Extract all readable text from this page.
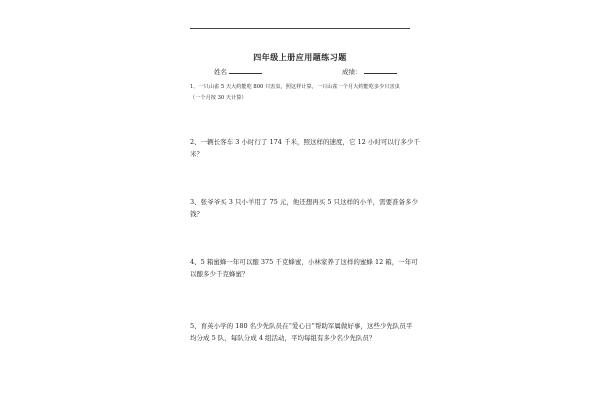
四年级上册应用题练习题
姓名	成绩：
1、一只山雀 5 天大约能吃 800 只害虫，照这样计算，一只山雀一个月大约能吃多少只害虫
（一个月按 30 天计算）
2、一辆长客车 3 小时行了 174 千米，照这样的速度，它 12 小时可以行多少千
米？
3、张爷爷买 3 只小羊用了 75 元，他还想再买 5 只这样的小羊，需要准备多少
钱？
4、5 箱蜜蜂一年可以酿 375 千克蜂蜜，小林家养了这样的蜜蜂 12 箱，一年可
以酿多少千克蜂蜜？
5、育英小学的 180 名少先队员在“爱心日”帮助军属做好事，这些少先队员平
均分成 5 队，每队分成 4 组活动，平均每组有多少名少先队员？
